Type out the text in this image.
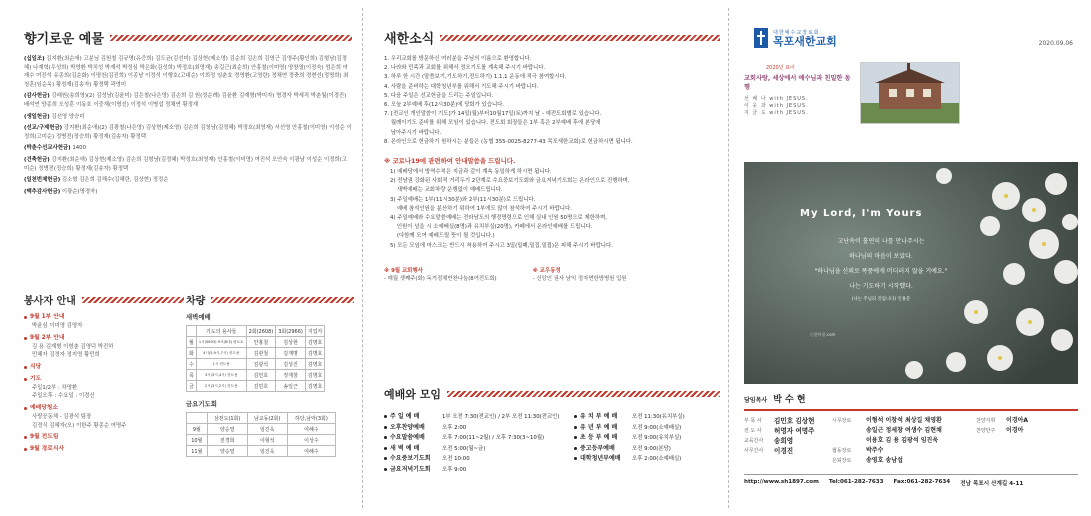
향기로운 예물
(십일조) 김지환(최순애) 고분님 김원철 김규명(유증희) 김도균(김선미) 김상현(제소영) 김순희 김손희 김영근 김영주(황인희) 김형남(김정혜) 나재혁(우성희) 박영환 박치성 박재석 박정심 박은화(김성희) 박정호(최영재) 송길근(최순희) 안홍철(이미영) 양창열(이정숙) 엄은희 여재수 여진석 유종희(김순화) 이명천(김진희) 이종남 이정석 이행호(고대순) 이희정 임춘호 정영환(고영란) 정채연 정충희 정현선(정명희) 최청훈(임순옥) 황정재(김송자) 황정택 곽영미
(감사헌금) 강래원(송희영)(2) 김성남(김윤미) 김은철(나은영) 김손희 김 원(정순례) 김윤환 김재형(박미자) 명경자 박세직 박춘월(이경진) 배석연 양종희 오성훈 이동호 이중재(이명선) 이정석 이병섭 정채연 황정재
(생일헌금) 김선영 양승미
(선교/구제헌금) 강지환(최순애)(2) 김광철(나은영) 김상현(제소영) 김손희 김청남(김정혜) 박정호(최영재) 서선영 안홍철(이미영) 이성순 이정희(고미순) 정병전(정승희) 황정재(김송자) 황정택
(박춘수선교사헌금) 1400
(건축헌금) 강지환(최순애) 김상현(제소영) 김손희 김형남(김정혜) 박정호(최영재) 안홍철(이미영) 여진석 오안숙 이광남 이성순 이정희(고미순) 정병전(정승희) 황정재(김송자) 황정택
(일천번제헌금) 김소형 김은희 김해수(김혜란, 김상현) 정정순
(맥추감사헌금) 이광순(명경자)
봉사자 안내
9월 1부 안내
박윤심 이미영 김영자
9월 2부 안내
김 용 김재형 이형춘 김영덕 박진하
민혜자 김정자 정지영 황민희
식당
기도
주일1/2부 : 차영환
주일오후 : 수요일 : 이경신
예배당청소
사랑공동체 - 김광석 팀장
김정식 김혜자(오) 이한주 황종순 여명주
9월 전도팀
9월 경로식사
차량
새벽예배
	기도의 용사들	2회(2608)	3회(2966)	지업자
월	1시(5603) 9시(8대) 평토토	안홍철	김상현	김명호
화	4시(5,9시,7시) 컨트용	김관철	김재명	김명호
수	1시 컨트용	김광석	김성진	김명호
목	3시(3시,4시) 컨트용	김민호	정재창	김명호
금	2시(3시,2시) 컨트용	김민호	송일근	김명호
금요기도회
	삼천도(1회)	남교동(2회)	하당,남악(3회)
9월	양승열	임진욱	여해수
10월	전경희	이형석	이성수
11월	양승열	임진욱	여해수
새한소식
1. 우리교회를 방문하신 여러분을 주님의 이름으로 환영합니다.
2. 나라와 민족과 교회를 위해서 정오기도를 계속해 주시기 바랍니다.
3. 하루 한 시간 (말씀보기,기도하기,전도하기) 1,1,1 운동에 적극 참여합시다.
4. 사람을 준비하는 대학청년부를 위해서 기도해 주시기 바랍니다.
5. 다음 주일은 선교헌금을 드리는 주일입니다.
6. 오늘 2부예배 후(12시30분)에 당회가 있습니다.
7. [전교인 개인말씀이 기도]가 14일(월)부터10월17일(토)까지 날 - 예전도회별로 있습니다.
월례이기도 준비를 위해 모임이 있습니다. 전도회 회장들은 1부 혹은 2부예배 후에 본당에
남아주시기 바랍니다.
8. 온라인으로 헌금하기 원하시는 분들은 (농협 355-0025-8277-43 목포새한교회)로 헌금하시면 됩니다.
※ 코로나19에 관련하여 안내말씀을 드립니다.
1) 예배당에서 방역수칙은 지금과 같이 계속 동일하게 하시면 됩니다.
2) 전남권 강화된 사회적 거리두기 2단계로 수요중보기도회와 금요저녁기도회는 온라인으로 진행하며,
새벽예배는 교회차량 운행없이 예배드립니다.
3) 주일예배는 1부(11시30분)와 2부(11시30분)로 드립니다.
예배 참석인원을 분산하기 위하여 1부에도 많이 참석하여 주시기 바랍니다.
4) 주일예배와 수요말씀예배는 전라남도의 행정명령으로 인해 실내 인원 50명으로 제한하며,
인원이 넘을 시 소예배실(8명)과 유치부실(20명), 카페에서 온라인예배를 드립니다.
(다함께 모여 예배드릴 뜻이 될 것입니다.)
5) 모든 모임에 마스크는 반드시 착용하여 주시고 3밀(밀폐,밀집,밀접)은 피해 주시기 바랍니다.
※ 9월 교회행사
- 매월 셋째주(화) 독거정체반찬나눔(8여전도회)
※ 교우동정
- 신앙인 권사 남익 정자면한방병원 입원
예배와 모임
주 일 예 배	1부 오전 7:30(전교인) / 2부 오전 11:30(전교인)
오후찬양예배	오후 2:00
수요말씀예배	오후 7:00(11~2월) / 오후 7:30(3~10월)
새 벽 예 배	오전 5:00(월~금)
수요중보기도회 오전 10:00
금요저녁기도회 오후 9:00
유 치 부 예 배	오전 11:30(유치부실)
유 년 부 예 배	오전 9:00(소예배실)
초 등 부 예 배	오전 9:00(유치부실)
중고등부예배	오전 9:00(본당)
대학청년부예배 오후 2:00(소예배실)
대한예수교장로회
목포새한교회	2020.09.06
2020년 표어
교회사랑, 세상에서 예수님과 친밀한 동행
선 배 나 with JESUS.
이 웃 과 with JESUS.
지 금 도 with JESUS.
My Lord, I'm Yours
고난속이 홀연히 나를 만나주시는
하나님의 마음이 보았다.
"하나님을 신뢰로 폭풍에게 머더러지 않을 거예요."
나는 기도하기 시작했다.
(나는 주님의 것입니다) 인용문
ⓒ한마음.com
담임목사 박 수 현
부 목 사	김민호 김상현	시무장로	이형석 이창석 최상길 채영환	찬양지휘	이경아A
전 도 사	허영자 여명주	송일근 정세창 여생수 김현채	찬양반주	이경아
교육간사	송회영	이용호 김 용 김광석 임진욱
사무간사	이경진	협동장로	박주수
은퇴장로	송영호 송남섭
http://www.sh1897.com Tel:061-282-7633 Fax:061-282-7634 전남 목포시 산계길 4-11
